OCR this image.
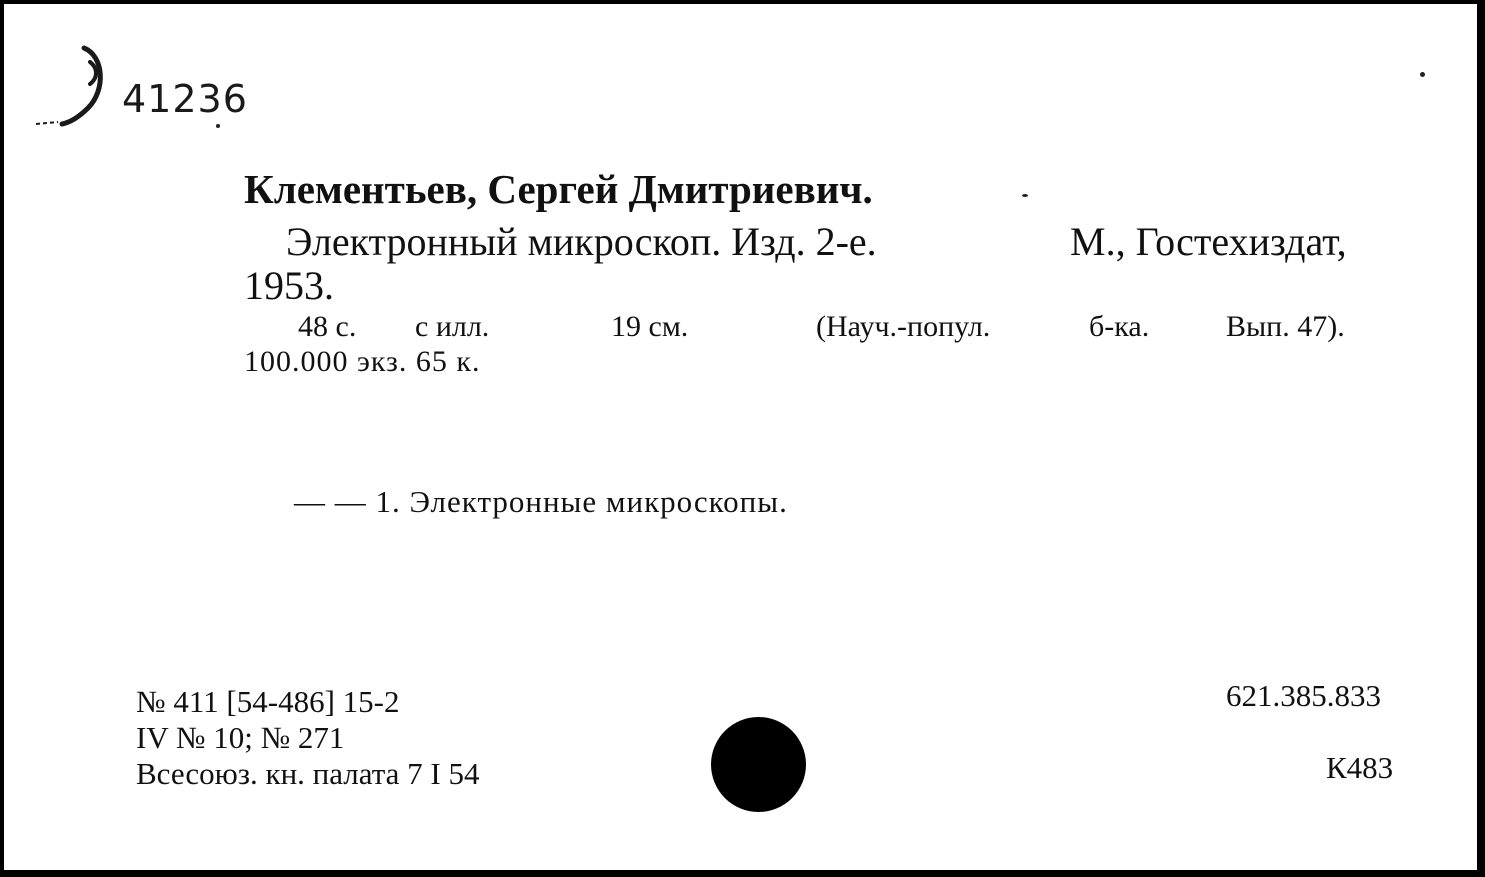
41236
Клементьев, Сергей Дмитриевич.
Электронный микроскоп. Изд. 2-е.	М., Гостехиздат,
1953.
48 с. с илл.	19 см.	(Науч.-попул.	б-ка.	Вып. 47).
100.000 экз. 65 к.
— — 1. Электронные микроскопы.
№ 411 [54-486] 15-2
IV № 10; № 271
Всесоюз. кн. палата 7 I 54
621.385.833
К483
